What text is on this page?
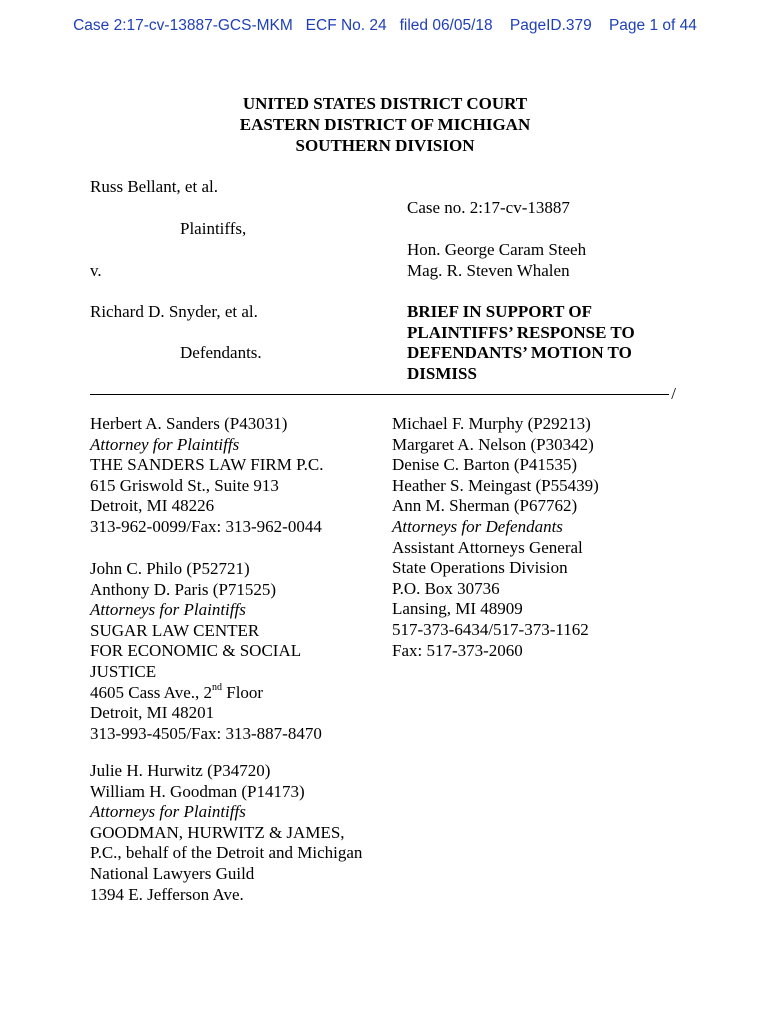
Case 2:17-cv-13887-GCS-MKM   ECF No. 24   filed 06/05/18    PageID.379    Page 1 of 44
UNITED STATES DISTRICT COURT
EASTERN DISTRICT OF MICHIGAN
SOUTHERN DIVISION
Russ Bellant, et al.
Plaintiffs,
v.
Richard D. Snyder, et al.
Defendants.
Case no. 2:17-cv-13887
Hon. George Caram Steeh
Mag. R. Steven Whalen
BRIEF IN SUPPORT OF
PLAINTIFFS’ RESPONSE TO
DEFENDANTS’ MOTION TO
DISMISS
/
Herbert A. Sanders (P43031)
Attorney for Plaintiffs
THE SANDERS LAW FIRM P.C.
615 Griswold St., Suite 913
Detroit, MI 48226
313-962-0099/Fax: 313-962-0044
John C. Philo (P52721)
Anthony D. Paris (P71525)
Attorneys for Plaintiffs
SUGAR LAW CENTER
FOR ECONOMIC & SOCIAL
JUSTICE
4605 Cass Ave., 2nd Floor
Detroit, MI 48201
313-993-4505/Fax: 313-887-8470
Julie H. Hurwitz (P34720)
William H. Goodman (P14173)
Attorneys for Plaintiffs
GOODMAN, HURWITZ & JAMES,
P.C., behalf of the Detroit and Michigan
National Lawyers Guild
1394 E. Jefferson Ave.
Michael F. Murphy (P29213)
Margaret A. Nelson (P30342)
Denise C. Barton (P41535)
Heather S. Meingast (P55439)
Ann M. Sherman (P67762)
Attorneys for Defendants
Assistant Attorneys General
State Operations Division
P.O. Box 30736
Lansing, MI 48909
517-373-6434/517-373-1162
Fax: 517-373-2060
